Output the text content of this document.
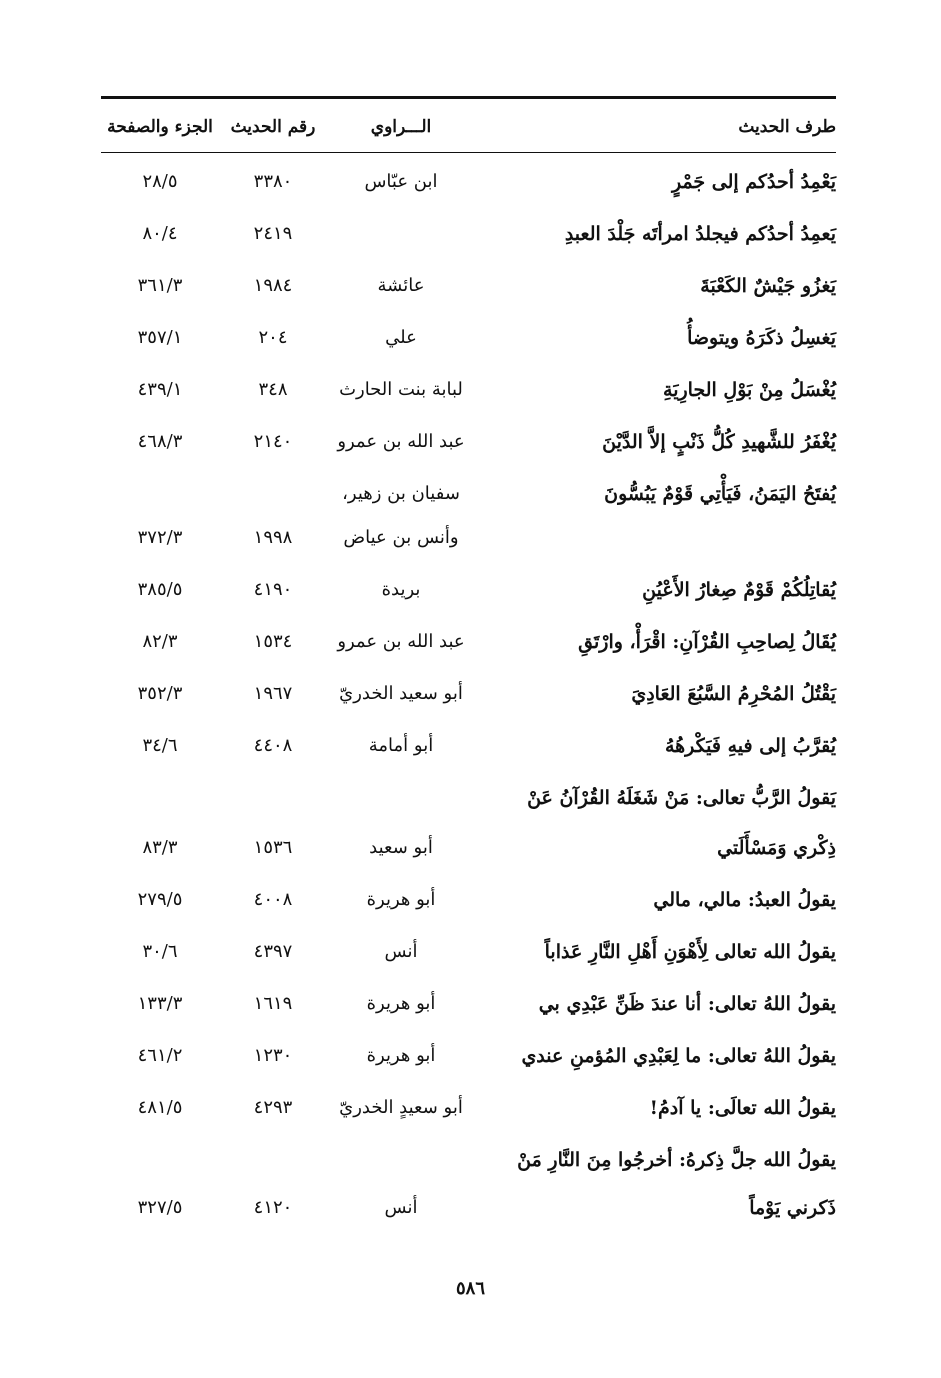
طرف الحديث
الـــراوي
رقم الحديث
الجزء والصفحة
يَعْمِدُ أحدُكم إلى جَمْرٍ
ابن عبّاس
٣٣٨٠
٢٨/٥
يَعمِدُ أحدُكم فيجلدُ امرأتَه جَلْدَ العبدِ
٢٤١٩
٨٠/٤
يَغزُو جَيْشٌ الكَعْبَةَ
عائشة
١٩٨٤
٣٦١/٣
يَغسِلُ ذكَرَهُ ويتوضأُ
علي
٢٠٤
٣٥٧/١
يُغْسَلُ مِنْ بَوْلِ الجارِيَةِ
لبابة بنت الحارث
٣٤٨
٤٣٩/١
يُغْفَرُ للشَّهيدِ كُلُّ ذَنْبٍ إلاَّ الدَّيْنَ
عبد الله بن عمرو
٢١٤٠
٤٦٨/٣
يُفتَحُ اليَمَنُ، فَيَأْتِي قَوْمٌ يَبُسُّونَ
سفيان بن زهير،
وأنس بن عياض
١٩٩٨
٣٧٢/٣
يُقاتِلُكُمْ قَوْمٌ صِغارُ الأَعْيُنِ
بريدة
٤١٩٠
٣٨٥/٥
يُقَالُ لِصاحِبِ القُرْآنِ: اقْرَأْ، وارْتَقِ
عبد الله بن عمرو
١٥٣٤
٨٢/٣
يَقْتُلُ المُحْرِمُ السَّبُعَ العَادِيَ
أبو سعيد الخدريّ
١٩٦٧
٣٥٢/٣
يُقرَّبُ إلى فيهِ فَيَكْرهُهُ
أبو أمامة
٤٤٠٨
٣٤/٦
يَقولُ الرَّبُّ تعالى: مَنْ شَغَلَهُ القُرْآنُ عَنْ
ذِكْري وَمَسْأَلَتي
أبو سعيد
١٥٣٦
٨٣/٣
يقولُ العبدُ: مالي، مالي
أبو هريرة
٤٠٠٨
٢٧٩/٥
يقولُ الله تعالى لِأَهْوَنِ أَهْلِ النَّارِ عَذاباً
أنس
٤٣٩٧
٣٠/٦
يقولُ اللهُ تعالى: أنا عندَ ظَنِّ عَبْدِي بي
أبو هريرة
١٦١٩
١٣٣/٣
يقولُ اللهُ تعالى: ما لِعَبْدِي المُؤمنِ عندي
أبو هريرة
١٢٣٠
٤٦١/٢
يقولُ الله تعالَى: يا آدمُ!
أبو سعيدٍ الخدريّ
٤٢٩٣
٤٨١/٥
يقولُ الله جلَّ ذِكرهُ: أخرجُوا مِنَ النَّارِ مَنْ
ذَكرني يَوْماً
أنس
٤١٢٠
٣٢٧/٥
٥٨٦
